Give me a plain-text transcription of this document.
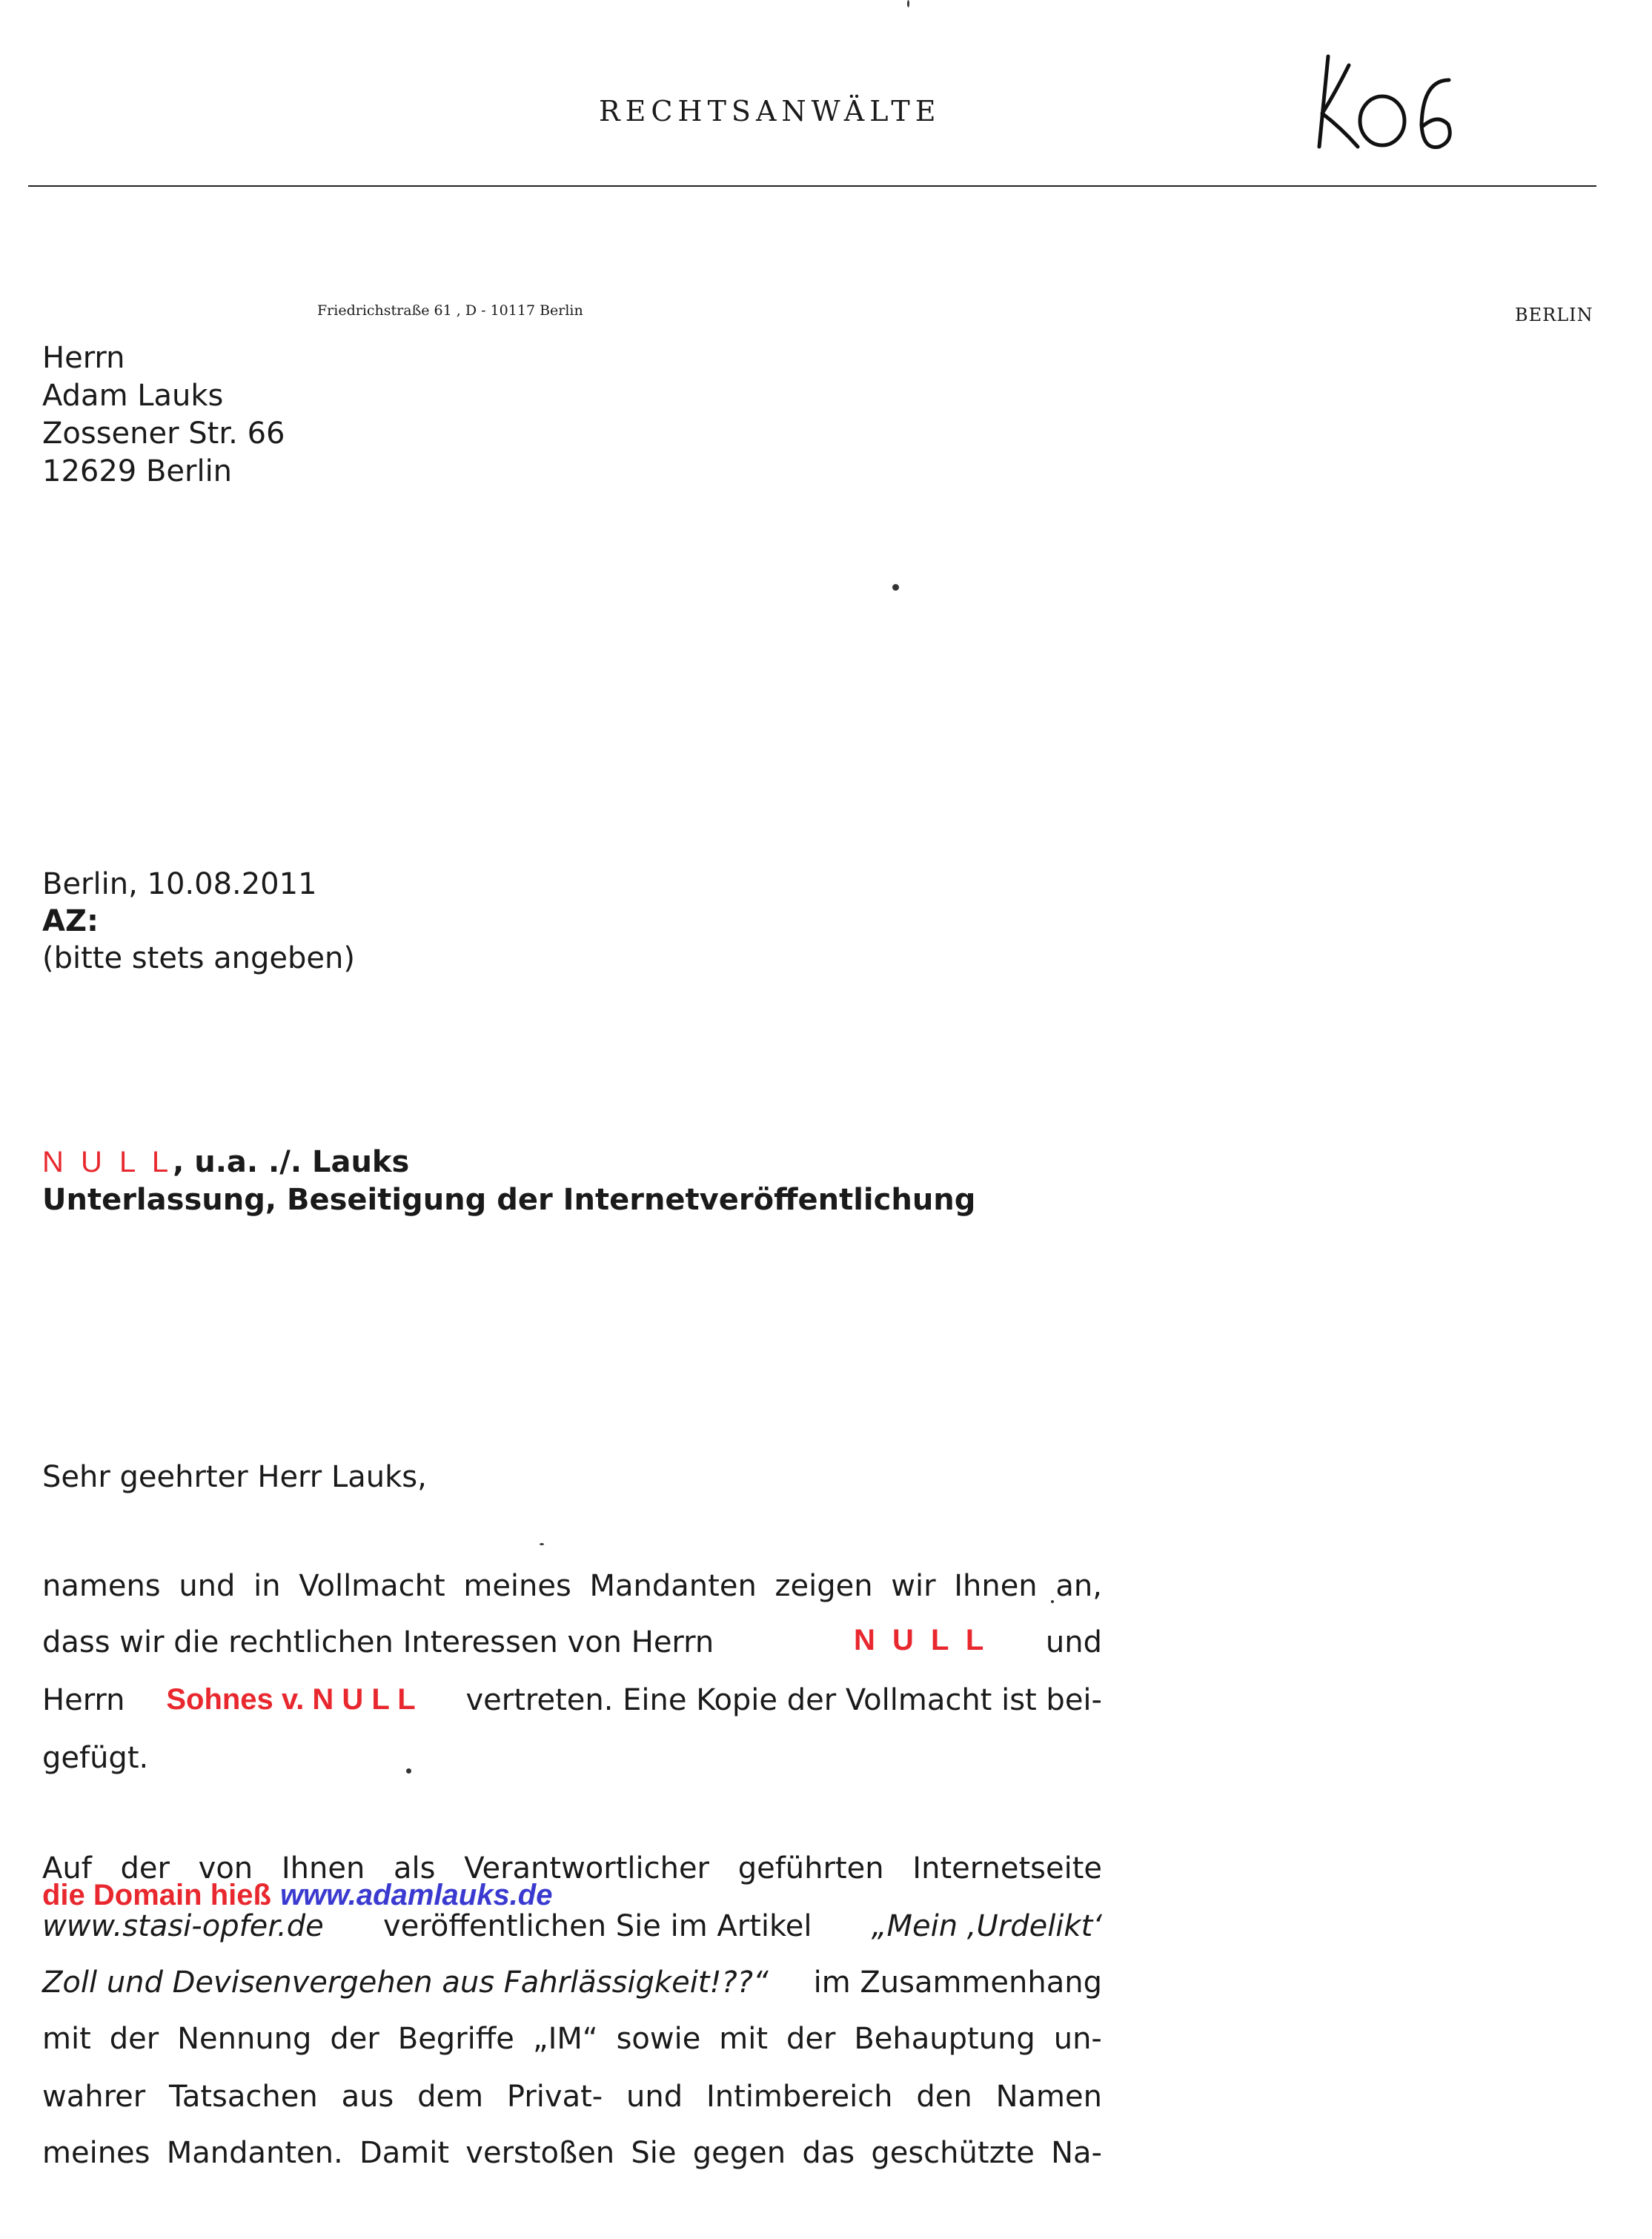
RECHTSANWÄLTE
Friedrichstraße 61 , D - 10117 Berlin	BERLIN
Herrn
Adam Lauks
Zossener Str. 66
12629 Berlin
Berlin, 10.08.2011
AZ:
(bitte stets angeben)
N U L L, u.a. ./. Lauks
Unterlassung, Beseitigung der Internetveröffentlichung
Sehr geehrter Herr Lauks,
namens und in Vollmacht meines Mandanten zeigen wir Ihnen an,
dass wir die rechtlichen Interessen von Herrn	N U L L und
Herrn Sohnes v. N U L L vertreten. Eine Kopie der Vollmacht ist bei-
gefügt.
Auf der von Ihnen als Verantwortlicher geführten Internetseite
die Domain hieß www.adamlauks.de
www.stasi-opfer.de veröffentlichen Sie im Artikel „Mein ‚Urdelikt‘
Zoll und Devisenvergehen aus Fahrlässigkeit!??“ im Zusammenhang
mit der Nennung der Begriffe „IM“ sowie mit der Behauptung un-
wahrer Tatsachen aus dem Privat- und Intimbereich den Namen
meines Mandanten. Damit verstoßen Sie gegen das geschützte Na-
